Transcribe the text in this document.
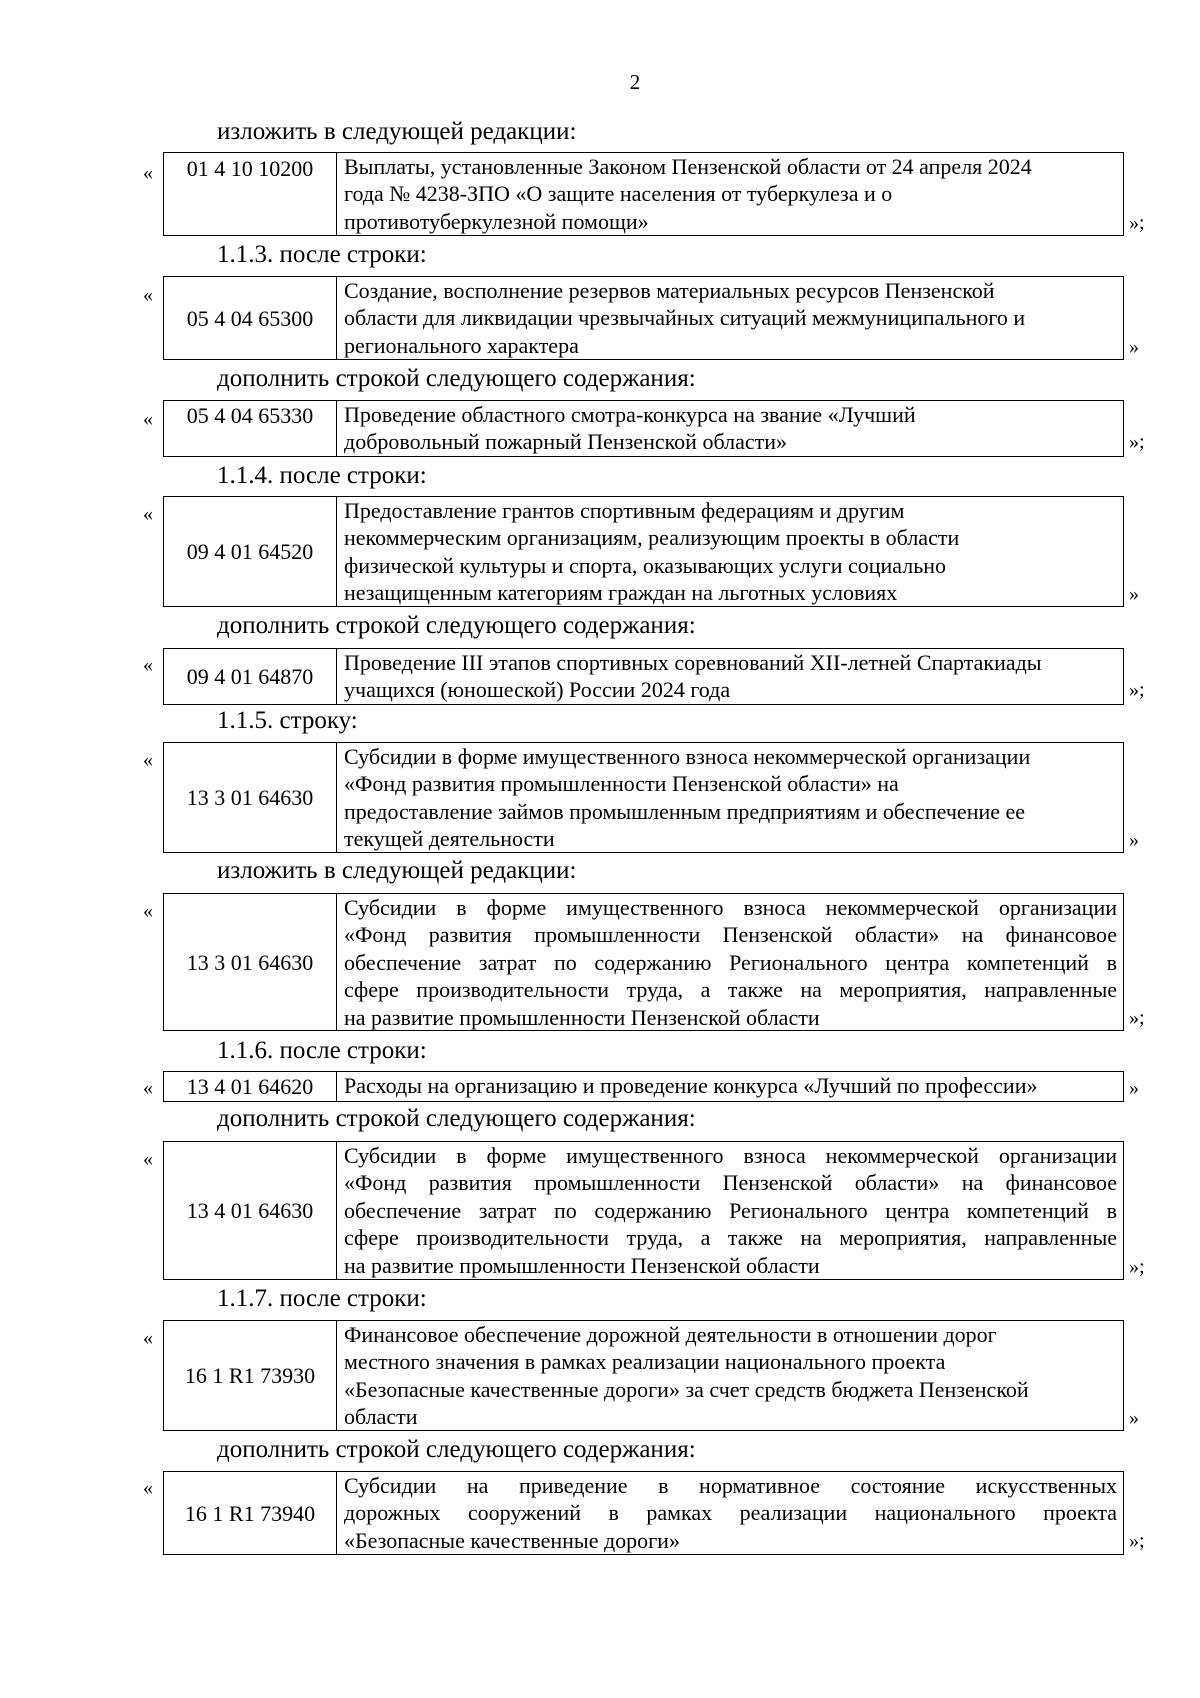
2
изложить в следующей редакции:
1.1.3. после строки:
дополнить строкой следующего содержания:
1.1.4. после строки:
дополнить строкой следующего содержания:
1.1.5. строку:
изложить в следующей редакции:
1.1.6. после строки:
дополнить строкой следующего содержания:
1.1.7. после строки:
дополнить строкой следующего содержания:
«	01 4 10 10200	Выплаты, установленные Законом Пензенской области от 24 апреля 2024
года № 4238-ЗПО «О защите населения от туберкулеза и о
противотуберкулезной помощи»	»;
«
05 4 04 65300
Создание, восполнение резервов материальных ресурсов Пензенской
области для ликвидации чрезвычайных ситуаций межмуниципального и
регионального характера	»
«	05 4 04 65330	Проведение областного смотра-конкурса на звание «Лучший
добровольный пожарный Пензенской области»	»;
«
09 4 01 64520
Предоставление грантов спортивным федерациям и другим
некоммерческим организациям, реализующим проекты в области
физической культуры и спорта, оказывающих услуги социально
незащищенным категориям граждан на льготных условиях	»
«	09 4 01 64870
Проведение III этапов спортивных соревнований XII-летней Спартакиады
учащихся (юношеской) России 2024 года	»;
«
13 3 01 64630
Субсидии в форме имущественного взноса некоммерческой организации
«Фонд развития промышленности Пензенской области» на
предоставление займов промышленным предприятиям и обеспечение ее
текущей деятельности	»
«
13 3 01 64630
Субсидии в форме имущественного взноса некоммерческой организации
«Фонд развития промышленности Пензенской области» на финансовое
обеспечение затрат по содержанию Регионального центра компетенций в
сфере производительности труда, а также на мероприятия, направленные
на развитие промышленности Пензенской области	»;
«	13 4 01 64620	Расходы на организацию и проведение конкурса «Лучший по профессии»	»
«
13 4 01 64630
Субсидии в форме имущественного взноса некоммерческой организации
«Фонд развития промышленности Пензенской области» на финансовое
обеспечение затрат по содержанию Регионального центра компетенций в
сфере производительности труда, а также на мероприятия, направленные
на развитие промышленности Пензенской области	»;
«
16 1 R1 73930
Финансовое обеспечение дорожной деятельности в отношении дорог
местного значения в рамках реализации национального проекта
«Безопасные качественные дороги» за счет средств бюджета Пензенской
области	»
«
16 1 R1 73940
Субсидии на приведение в нормативное состояние искусственных
дорожных сооружений в рамках реализации национального проекта
«Безопасные качественные дороги»	»;
